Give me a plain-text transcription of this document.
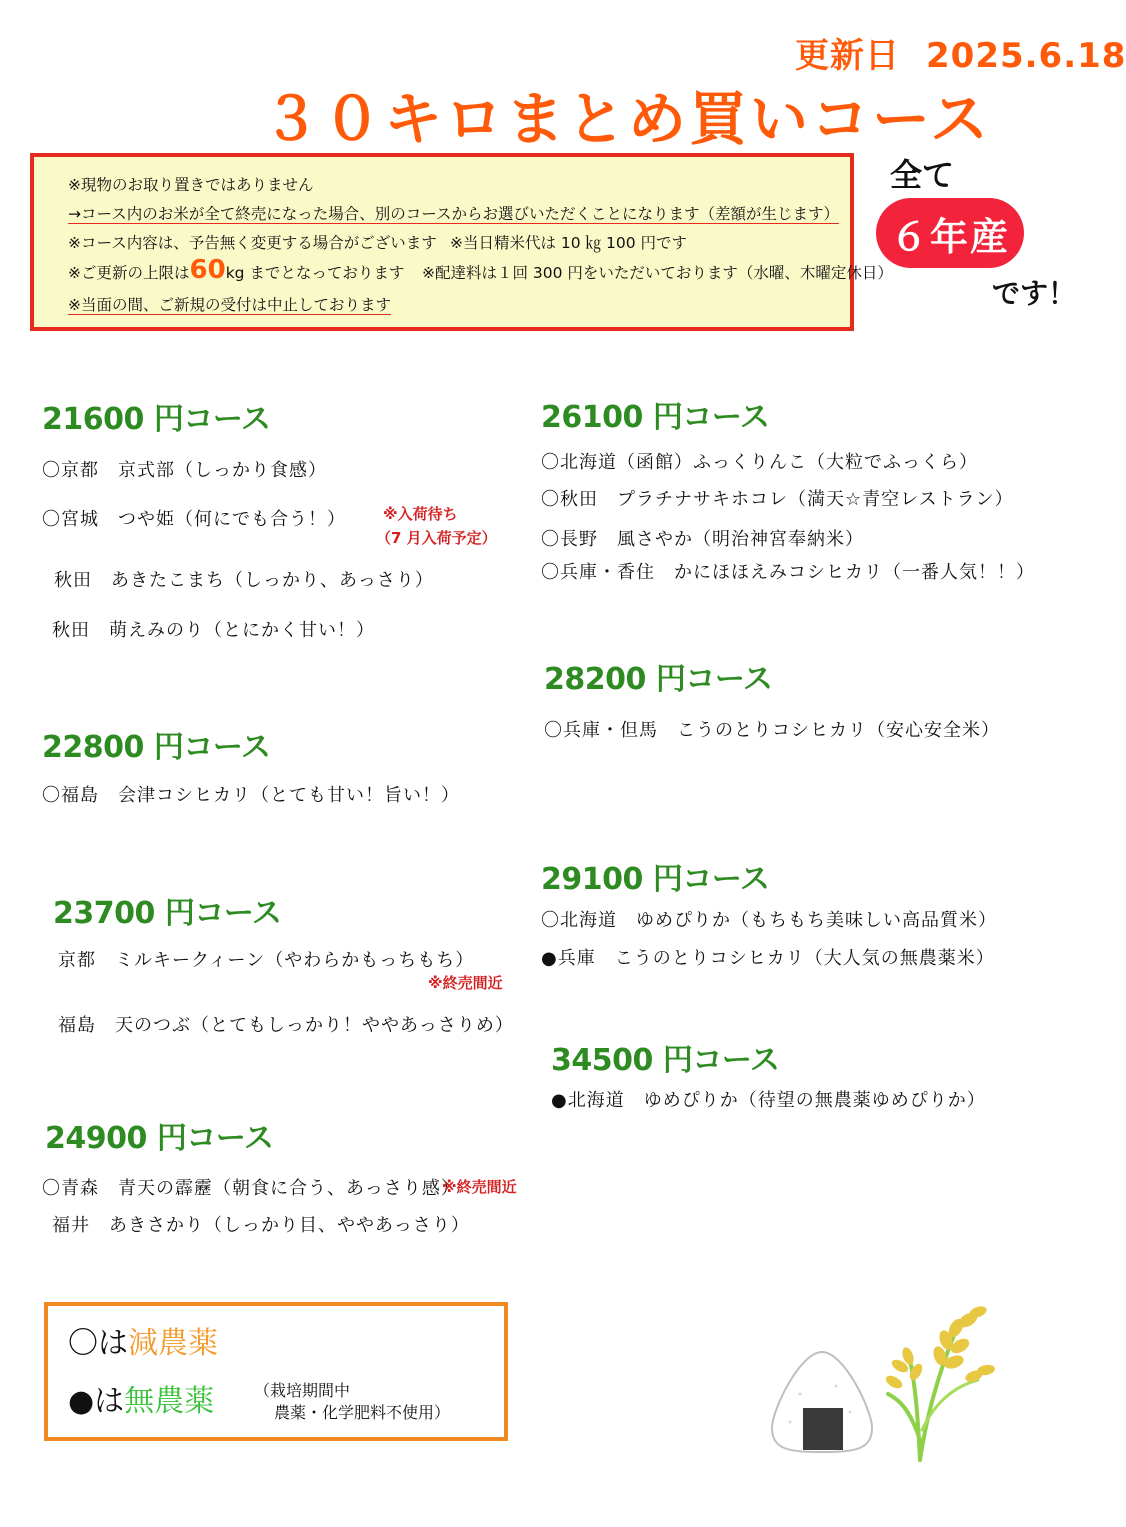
更新日 2025.6.18
３０キロまとめ買いコース
※現物のお取り置きではありません
→コース内のお米が全て終売になった場合、別のコースからお選びいただくことになります（差額が生じます）
※コース内容は、予告無く変更する場合がございます ※当日精米代は 10 ㎏ 100 円です
※ご更新の上限は60kg までとなっております ※配達料は１回 300 円をいただいております（水曜、木曜定休日）
※当面の間、ご新規の受付は中止しております
全て
６年産
です！
21600 円コース
〇京都　京式部（しっかり食感）
〇宮城　つや姫（何にでも合う！） ※入荷待ち
（7 月入荷予定）
秋田　あきたこまち（しっかり、あっさり）
秋田　萌えみのり（とにかく甘い！）
22800 円コース
〇福島　会津コシヒカリ（とても甘い！旨い！）
23700 円コース
京都　ミルキークィーン（やわらかもっちもち）
※終売間近
福島　天のつぶ（とてもしっかり！ややあっさりめ）
24900 円コース
〇青森　青天の霹靂（朝食に合う、あっさり感）
※終売間近
福井　あきさかり（しっかり目、ややあっさり）
26100 円コース
〇北海道（函館）ふっくりんこ（大粒でふっくら）
〇秋田　プラチナサキホコレ（満天☆青空レストラン）
〇長野　風さやか（明治神宮奉納米）
〇兵庫・香住　かにほほえみコシヒカリ（一番人気！！）
28200 円コース
〇兵庫・但馬　こうのとりコシヒカリ（安心安全米）
29100 円コース
〇北海道　ゆめぴりか（もちもち美味しい高品質米）
●兵庫　こうのとりコシヒカリ（大人気の無農薬米）
34500 円コース
●北海道　ゆめぴりか（待望の無農薬ゆめぴりか）
〇は減農薬
●は無農薬 （栽培期間中
農薬・化学肥料不使用）
